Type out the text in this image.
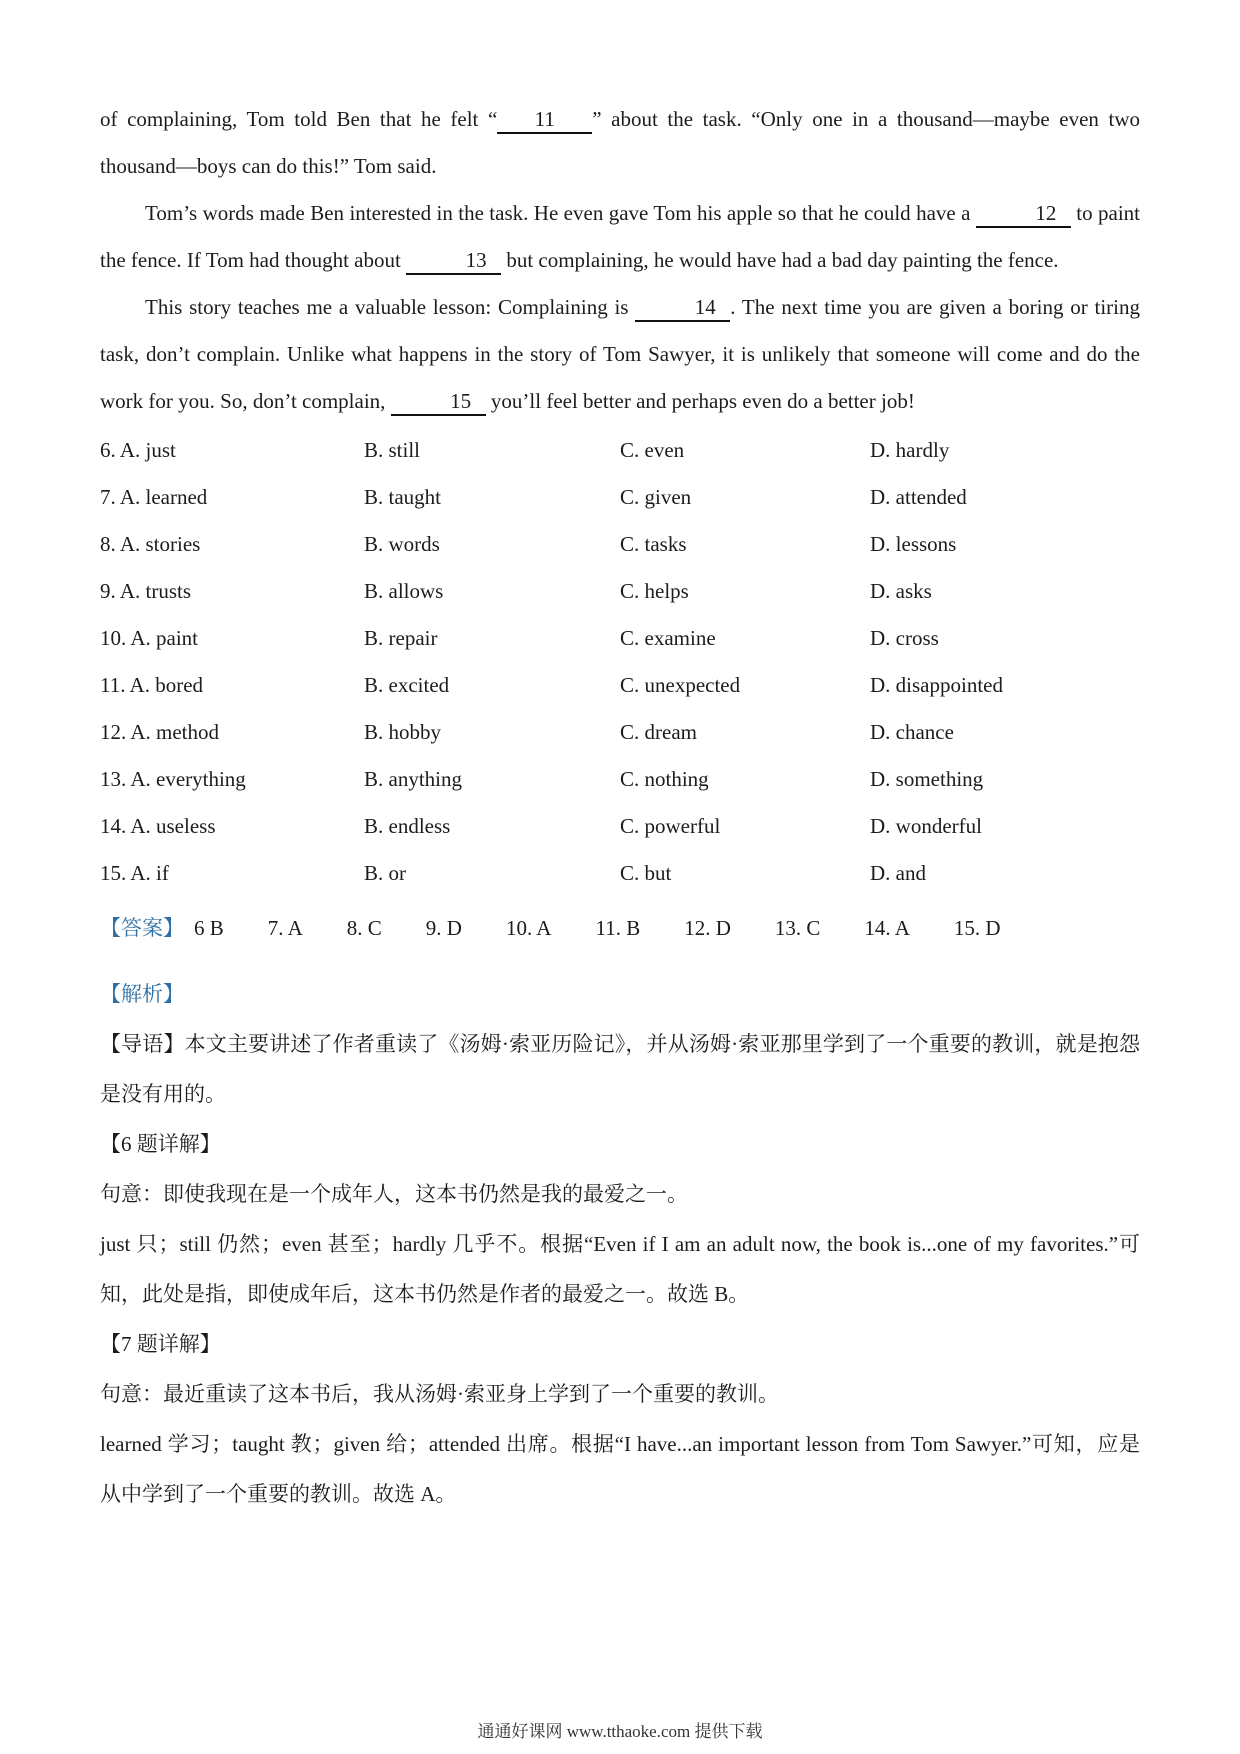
of complaining, Tom told Ben that he felt “ 11 ” about the task. “Only one in a thousand—maybe even two thousand—boys can do this!” Tom said.

Tom’s words made Ben interested in the task. He even gave Tom his apple so that he could have a	12 to paint the fence. If Tom had thought about	13 but complaining, he would have had a bad day painting the fence.

This story teaches me a valuable lesson: Complaining is	14 . The next time you are given a boring or tiring task, don’t complain. Unlike what happens in the story of Tom Sawyer, it is unlikely that someone will come and do the work for you. So, don’t complain,	15 you’ll feel better and perhaps even do a better job!

6. A. just	B. still	C. even	D. hardly
7. A. learned	B. taught	C. given	D. attended
8. A. stories	B. words	C. tasks	D. lessons
9. A. trusts	B. allows	C. helps	D. asks
10. A. paint	B. repair	C. examine	D. cross
11. A. bored	B. excited	C. unexpected	D. disappointed
12. A. method	B. hobby	C. dream	D. chance
13. A. everything	B. anything	C. nothing	D. something
14. A. useless	B. endless	C. powerful	D. wonderful
15. A. if	B. or	C. but	D. and
【答案】 6 B 7. A 8. C 9. D 10. A 11. B 12. D 13. C 14. A 15. D
【解析】

【导语】本文主要讲述了作者重读了《汤姆·索亚历险记》，并从汤姆·索亚那里学到了一个重要的教训，就是抱怨是没有用的。

【6 题详解】

句意：即使我现在是一个成年人，这本书仍然是我的最爱之一。

just 只；still 仍然；even 甚至；hardly 几乎不。根据“Even if I am an adult now, the book is...one of my favorites.”可知，此处是指，即使成年后，这本书仍然是作者的最爱之一。故选 B。

【7 题详解】

句意：最近重读了这本书后，我从汤姆·索亚身上学到了一个重要的教训。

learned 学习；taught 教；given 给；attended 出席。根据“I have...an important lesson from Tom Sawyer.”可知，应是从中学到了一个重要的教训。故选 A。

通通好课网 www.tthaoke.com 提供下载
